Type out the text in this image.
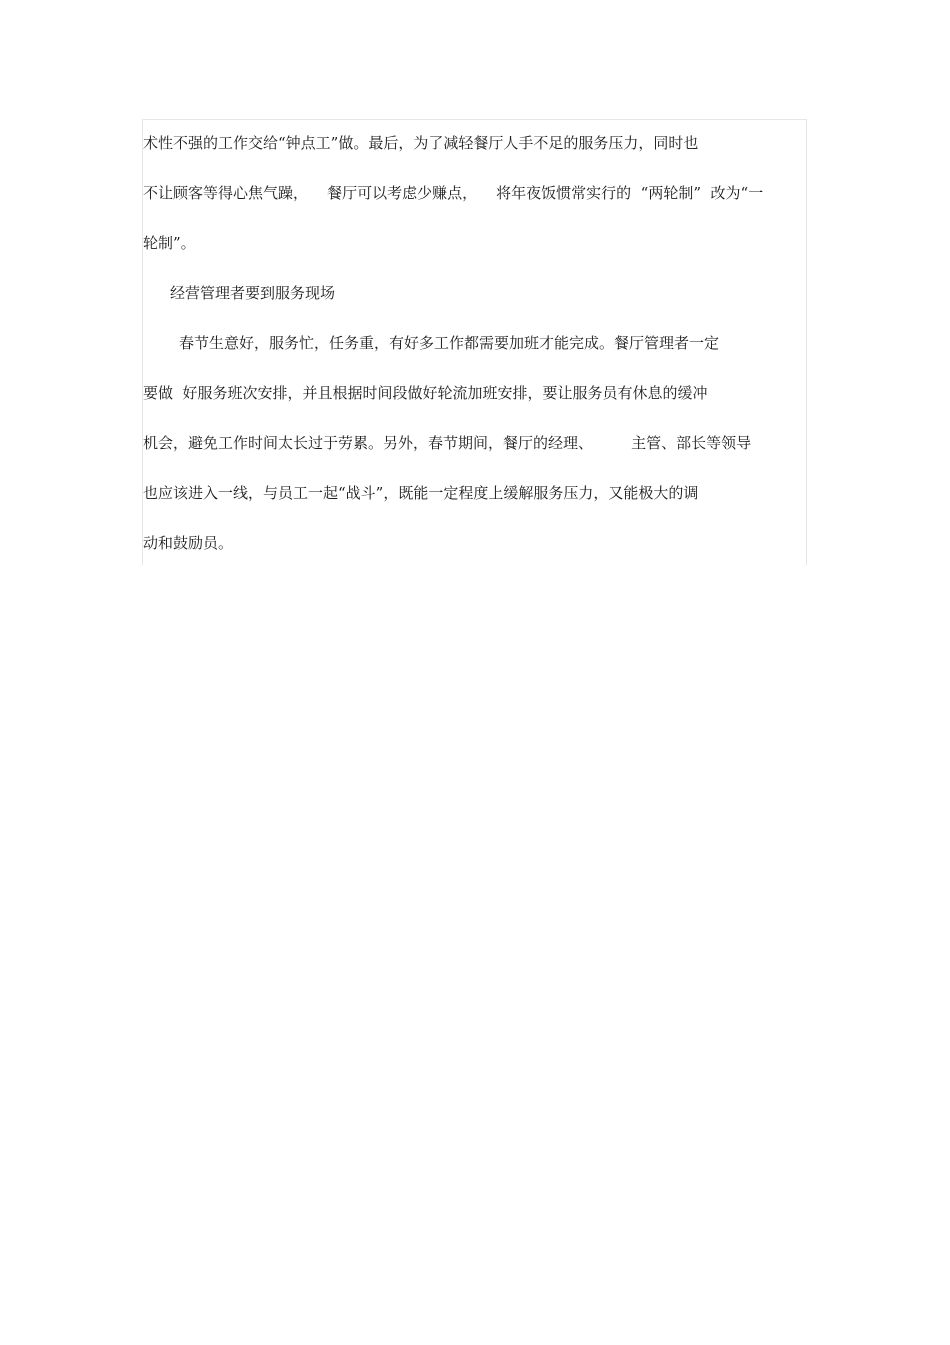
术性不强的工作交给“钟点工”做。最后，为了减轻餐厅人手不足的服务压力，同时也
不让顾客等得心焦气躁，    餐厅可以考虑少赚点，    将年夜饭惯常实行的  “两轮制”  改为“一
轮制”。
经营管理者要到服务现场
春节生意好，服务忙，任务重，有好多工作都需要加班才能完成。餐厅管理者一定
要做  好服务班次安排，并且根据时间段做好轮流加班安排，要让服务员有休息的缓冲
机会，避免工作时间太长过于劳累。另外，春节期间，餐厅的经理、        主管、部长等领导
也应该进入一线，与员工一起“战斗”，既能一定程度上缓解服务压力，又能极大的调
动和鼓励员。
